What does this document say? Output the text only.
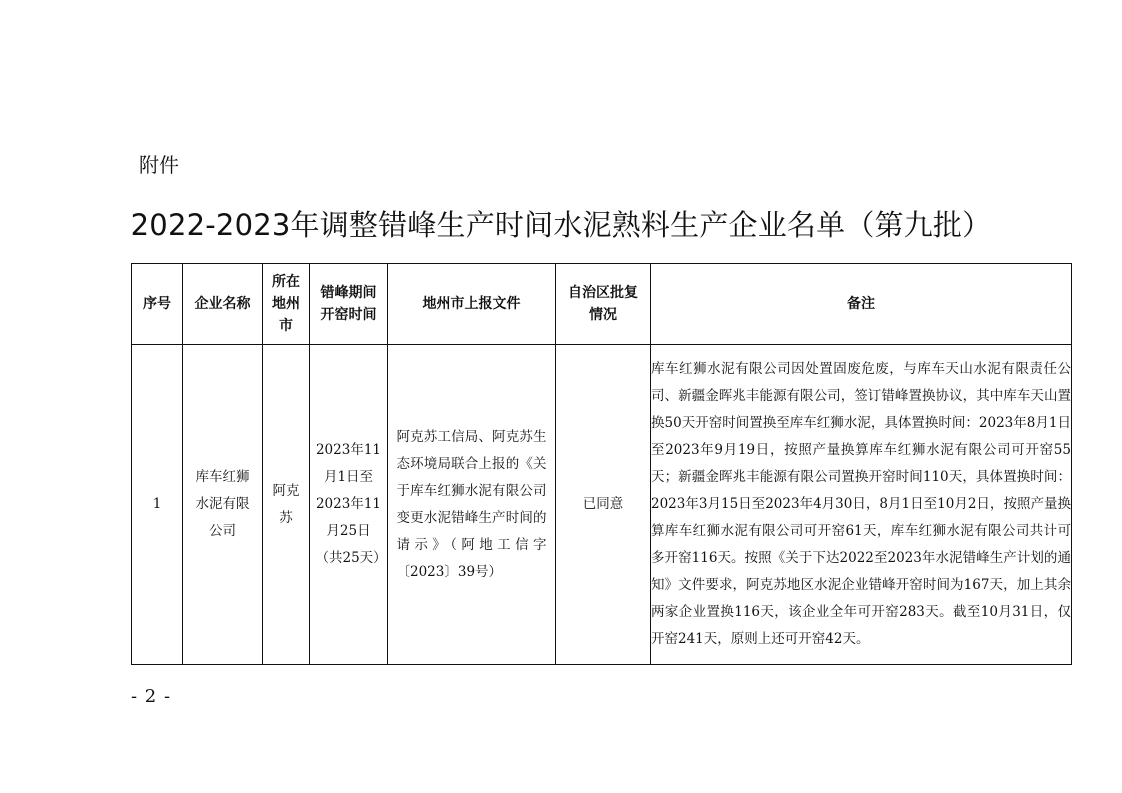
附件
2022-2023年调整错峰生产时间水泥熟料生产企业名单（第九批）
序号	企业名称	所在地州市	错峰期间开窑时间	地州市上报文件	自治区批复情况	备注

1	库车红狮水泥有限公司	阿克苏	2023年11月1日至2023年11月25日（共25天）	阿克苏工信局、阿克苏生态环境局联合上报的《关于库车红狮水泥有限公司变更水泥错峰生产时间的请示》（阿地工信字〔2023〕39号）	已同意	库车红狮水泥有限公司因处置固废危废，与库车天山水泥有限责任公司、新疆金晖兆丰能源有限公司，签订错峰置换协议，其中库车天山置换50天开窑时间置换至库车红狮水泥，具体置换时间：2023年8月1日至2023年9月19日，按照产量换算库车红狮水泥有限公司可开窑55天；新疆金晖兆丰能源有限公司置换开窑时间110天，具体置换时间：2023年3月15日至2023年4月30日，8月1日至10月2日，按照产量换算库车红狮水泥有限公司可开窑61天，库车红狮水泥有限公司共计可多开窑116天。按照《关于下达2022至2023年水泥错峰生产计划的通知》文件要求，阿克苏地区水泥企业错峰开窑时间为167天，加上其余两家企业置换116天，该企业全年可开窑283天。截至10月31日，仅开窑241天，原则上还可开窑42天。
- 2 -
